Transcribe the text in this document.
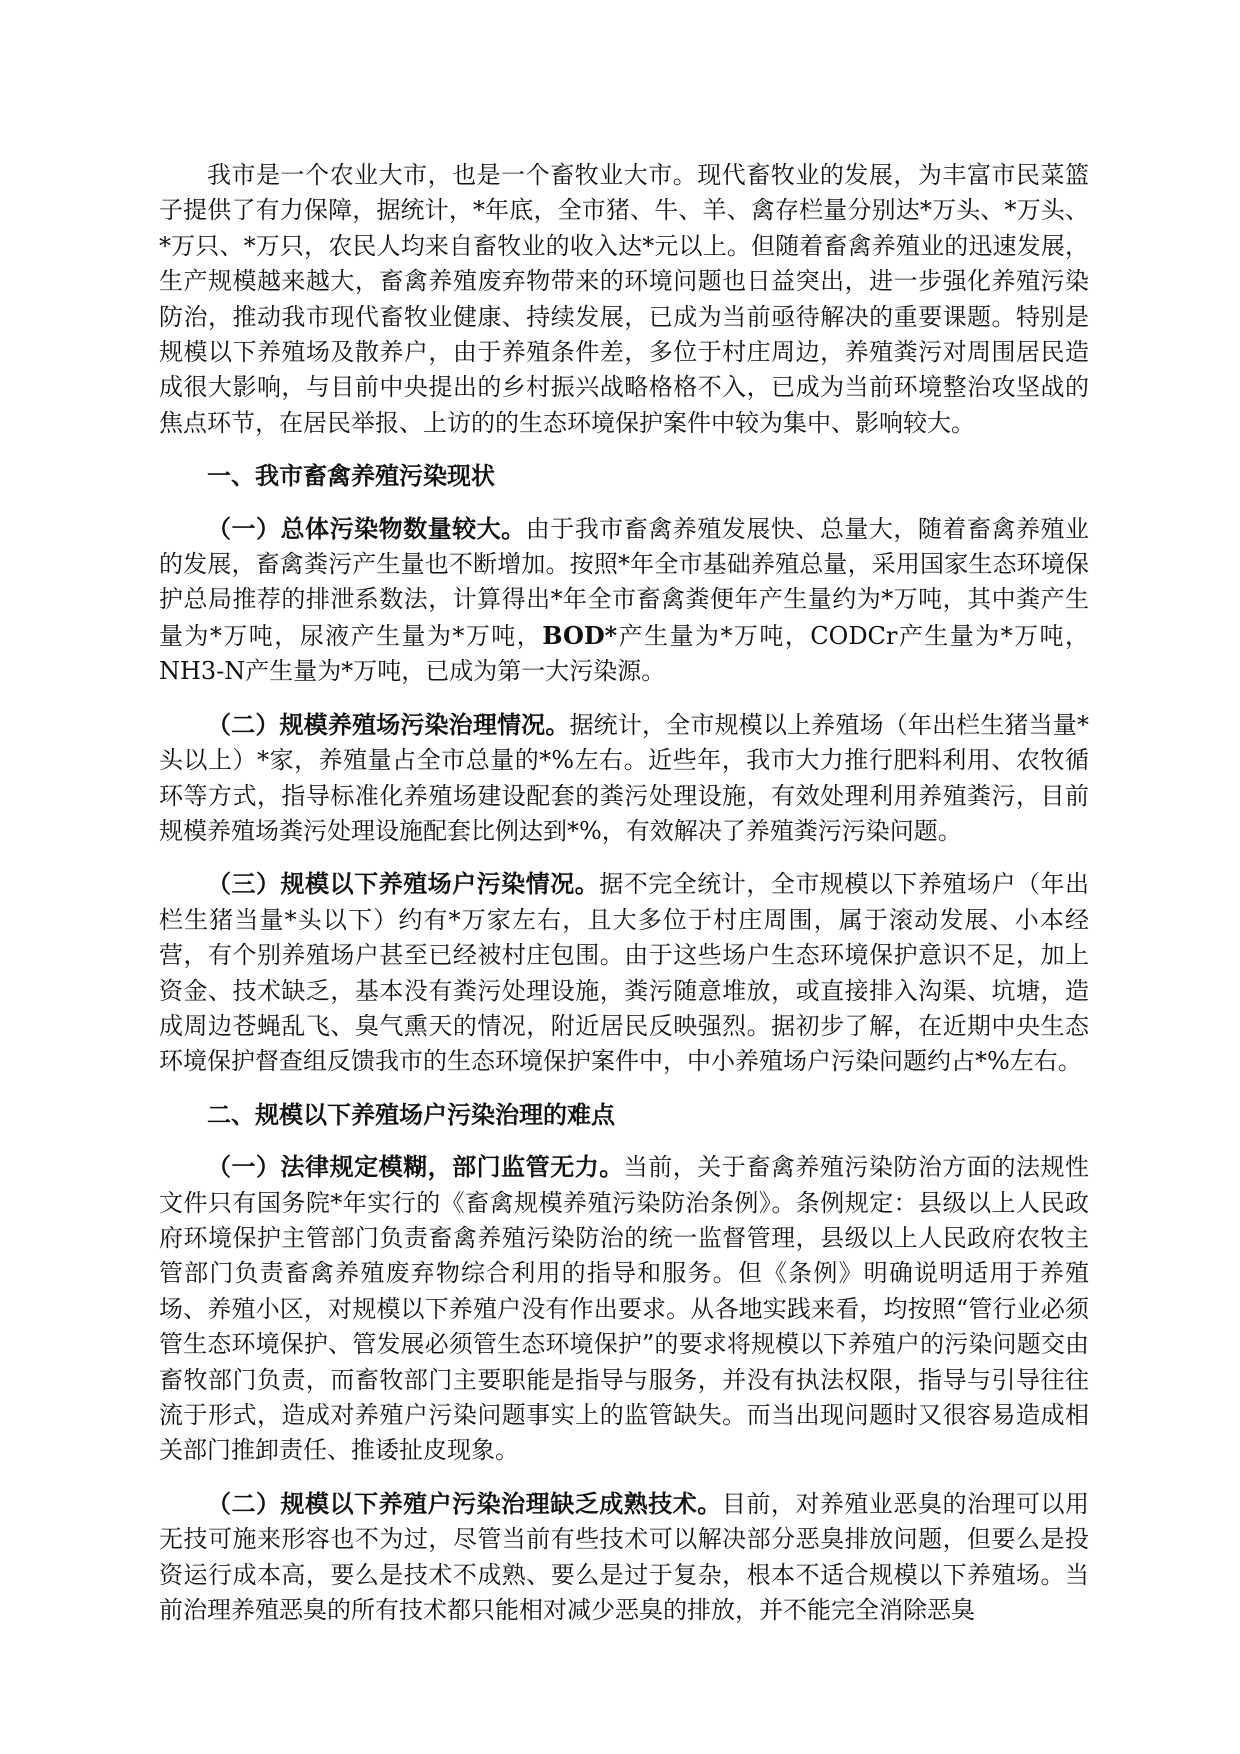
我市是一个农业大市，也是一个畜牧业大市。现代畜牧业的发展，为丰富市民菜篮子提供了有力保障，据统计，*年底，全市猪、牛、羊、禽存栏量分别达*万头、*万头、*万只、*万只，农民人均来自畜牧业的收入达*元以上。但随着畜禽养殖业的迅速发展，生产规模越来越大，畜禽养殖废弃物带来的环境问题也日益突出，进一步强化养殖污染防治，推动我市现代畜牧业健康、持续发展，已成为当前亟待解决的重要课题。特别是规模以下养殖场及散养户，由于养殖条件差，多位于村庄周边，养殖粪污对周围居民造成很大影响，与目前中央提出的乡村振兴战略格格不入，已成为当前环境整治攻坚战的焦点环节，在居民举报、上访的的生态环境保护案件中较为集中、影响较大。

一、我市畜禽养殖污染现状

（一）总体污染物数量较大。由于我市畜禽养殖发展快、总量大，随着畜禽养殖业的发展，畜禽粪污产生量也不断增加。按照*年全市基础养殖总量，采用国家生态环境保护总局推荐的排泄系数法，计算得出*年全市畜禽粪便年产生量约为*万吨，其中粪产生量为*万吨，尿液产生量为*万吨，BOD*产生量为*万吨，CODCr产生量为*万吨，NH3-N产生量为*万吨，已成为第一大污染源。

（二）规模养殖场污染治理情况。据统计，全市规模以上养殖场（年出栏生猪当量*头以上）*家，养殖量占全市总量的*%左右。近些年，我市大力推行肥料利用、农牧循环等方式，指导标准化养殖场建设配套的粪污处理设施，有效处理利用养殖粪污，目前规模养殖场粪污处理设施配套比例达到*%，有效解决了养殖粪污污染问题。

（三）规模以下养殖场户污染情况。据不完全统计，全市规模以下养殖场户（年出栏生猪当量*头以下）约有*万家左右，且大多位于村庄周围，属于滚动发展、小本经营，有个别养殖场户甚至已经被村庄包围。由于这些场户生态环境保护意识不足，加上资金、技术缺乏，基本没有粪污处理设施，粪污随意堆放，或直接排入沟渠、坑塘，造成周边苍蝇乱飞、臭气熏天的情况，附近居民反映强烈。据初步了解，在近期中央生态环境保护督查组反馈我市的生态环境保护案件中，中小养殖场户污染问题约占*%左右。

二、规模以下养殖场户污染治理的难点

（一）法律规定模糊，部门监管无力。当前，关于畜禽养殖污染防治方面的法规性文件只有国务院*年实行的《畜禽规模养殖污染防治条例》。条例规定：县级以上人民政府环境保护主管部门负责畜禽养殖污染防治的统一监督管理，县级以上人民政府农牧主管部门负责畜禽养殖废弃物综合利用的指导和服务。但《条例》明确说明适用于养殖场、养殖小区，对规模以下养殖户没有作出要求。从各地实践来看，均按照“管行业必须管生态环境保护、管发展必须管生态环境保护”的要求将规模以下养殖户的污染问题交由畜牧部门负责，而畜牧部门主要职能是指导与服务，并没有执法权限，指导与引导往往流于形式，造成对养殖户污染问题事实上的监管缺失。而当出现问题时又很容易造成相关部门推卸责任、推诿扯皮现象。

（二）规模以下养殖户污染治理缺乏成熟技术。目前，对养殖业恶臭的治理可以用无技可施来形容也不为过，尽管当前有些技术可以解决部分恶臭排放问题，但要么是投资运行成本高，要么是技术不成熟、要么是过于复杂，根本不适合规模以下养殖场。当前治理养殖恶臭的所有技术都只能相对减少恶臭的排放，并不能完全消除恶臭
